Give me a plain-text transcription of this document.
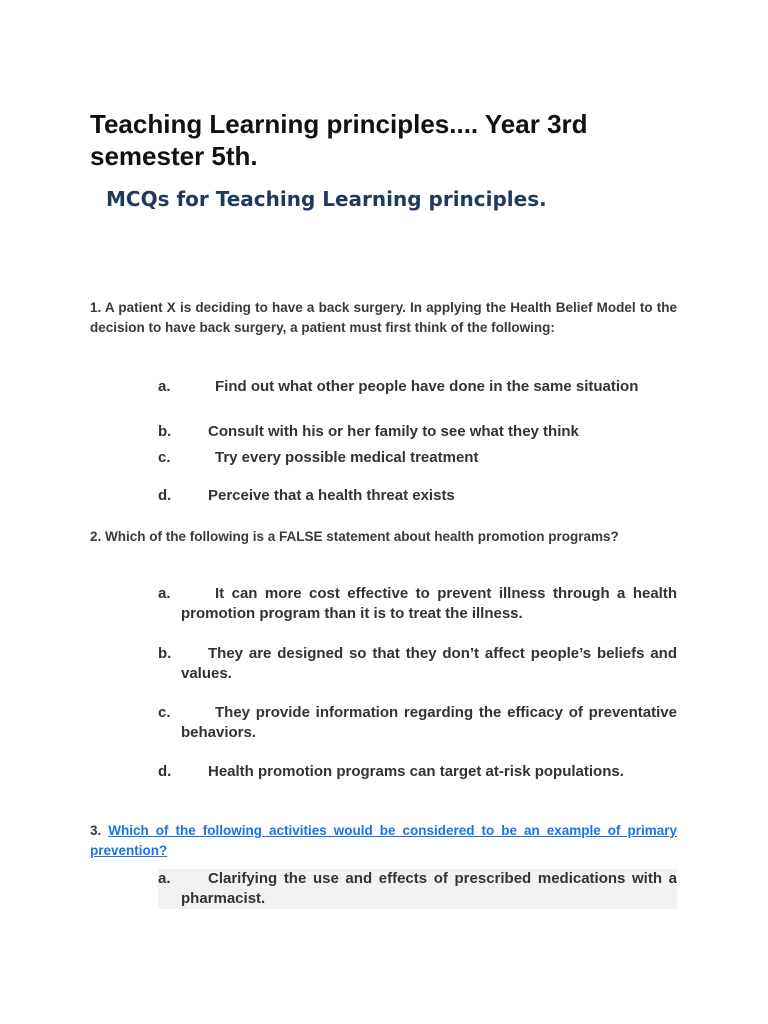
Teaching Learning principles.... Year 3rd semester 5th.
MCQs for Teaching Learning principles.

1. A patient X is deciding to have a back surgery. In applying the Health Belief Model to the decision to have back surgery, a patient must first think of the following:

a.	Find out what other people have done in the same situation
b. Consult with his or her family to see what they think
c.	Try every possible medical treatment
d. Perceive that a health threat exists

2. Which of the following is a FALSE statement about health promotion programs?

a.	It can more cost effective to prevent illness through a health promotion program than it is to treat the illness.
b. They are designed so that they don’t affect people’s beliefs and values.
c.	They provide information regarding the efficacy of preventative behaviors.
d. Health promotion programs can target at-risk populations.

3. Which of the following activities would be considered to be an example of primary prevention?

a. Clarifying the use and effects of prescribed medications with a pharmacist.
